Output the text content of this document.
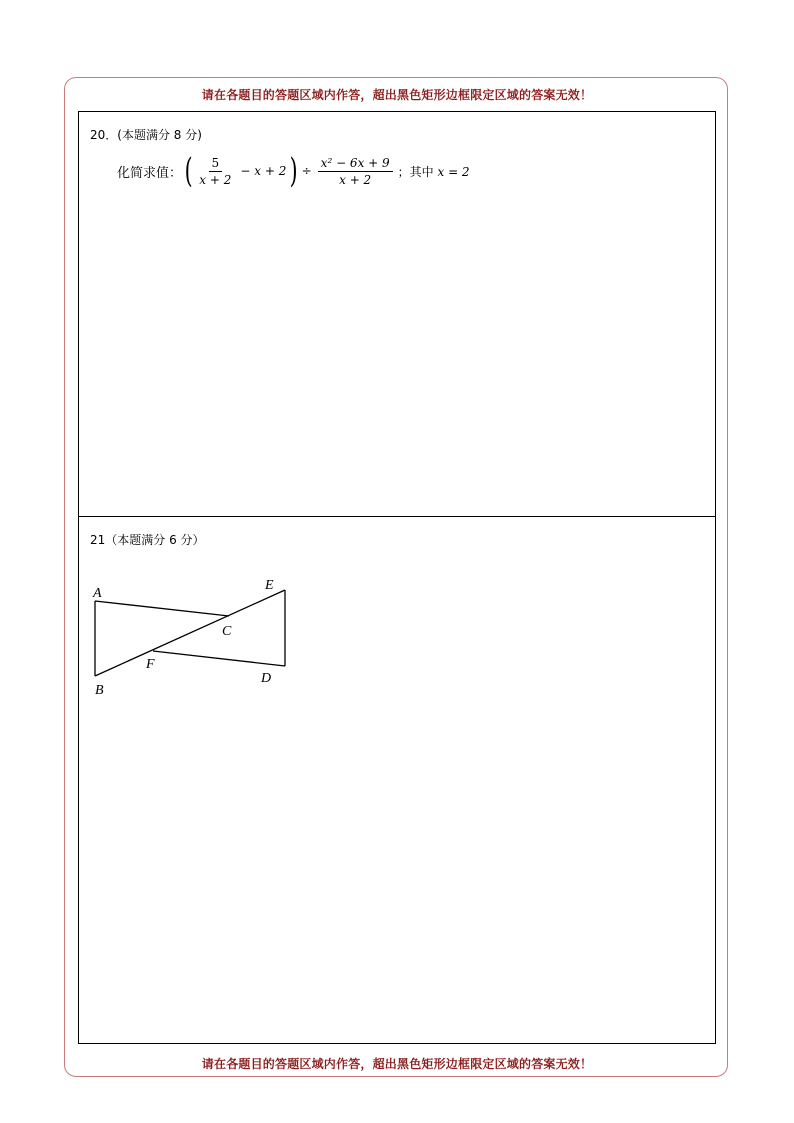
请在各题目的答题区域内作答，超出黑色矩形边框限定区域的答案无效！
20．(本题满分 8 分)
化简求值： ( $\frac{5}{x + 2} - x + 2$ ) ÷ $\frac{\text{x² − 6x + 9}}{x + 2}$ ；其中 x = 2
21（本题满分 6 分）
A
B
C
D
E
F
请在各题目的答题区域内作答，超出黑色矩形边框限定区域的答案无效！
